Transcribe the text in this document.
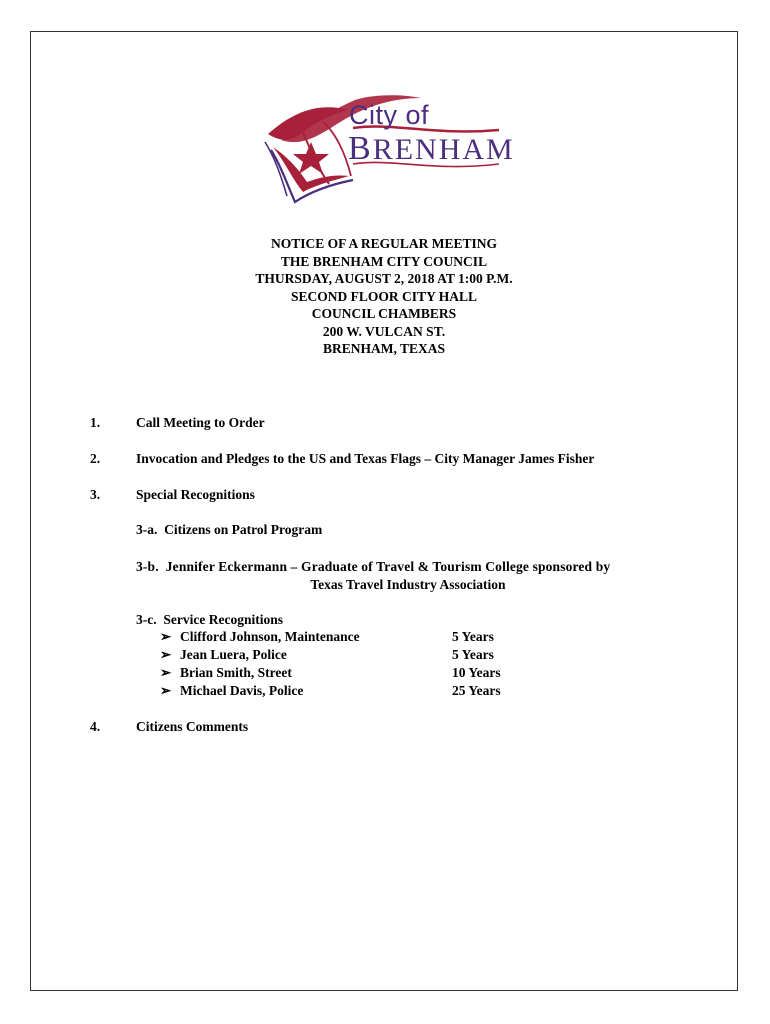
City of
BRENHAM
NOTICE OF A REGULAR MEETING
THE BRENHAM CITY COUNCIL
THURSDAY, AUGUST 2, 2018 AT 1:00 P.M.
SECOND FLOOR CITY HALL
COUNCIL CHAMBERS
200 W. VULCAN ST.
BRENHAM, TEXAS
1.	Call Meeting to Order
2.	Invocation and Pledges to the US and Texas Flags – City Manager James Fisher
3.	Special Recognitions
3-a.  Citizens on Patrol Program
3-b.  Jennifer Eckermann – Graduate of Travel & Tourism College sponsored by
Texas Travel Industry Association
3-c.  Service Recognitions
➢ Clifford Johnson, Maintenance	5 Years
➢ Jean Luera, Police	5 Years
➢ Brian Smith, Street	10 Years
➢ Michael Davis, Police	25 Years
4.	Citizens Comments
